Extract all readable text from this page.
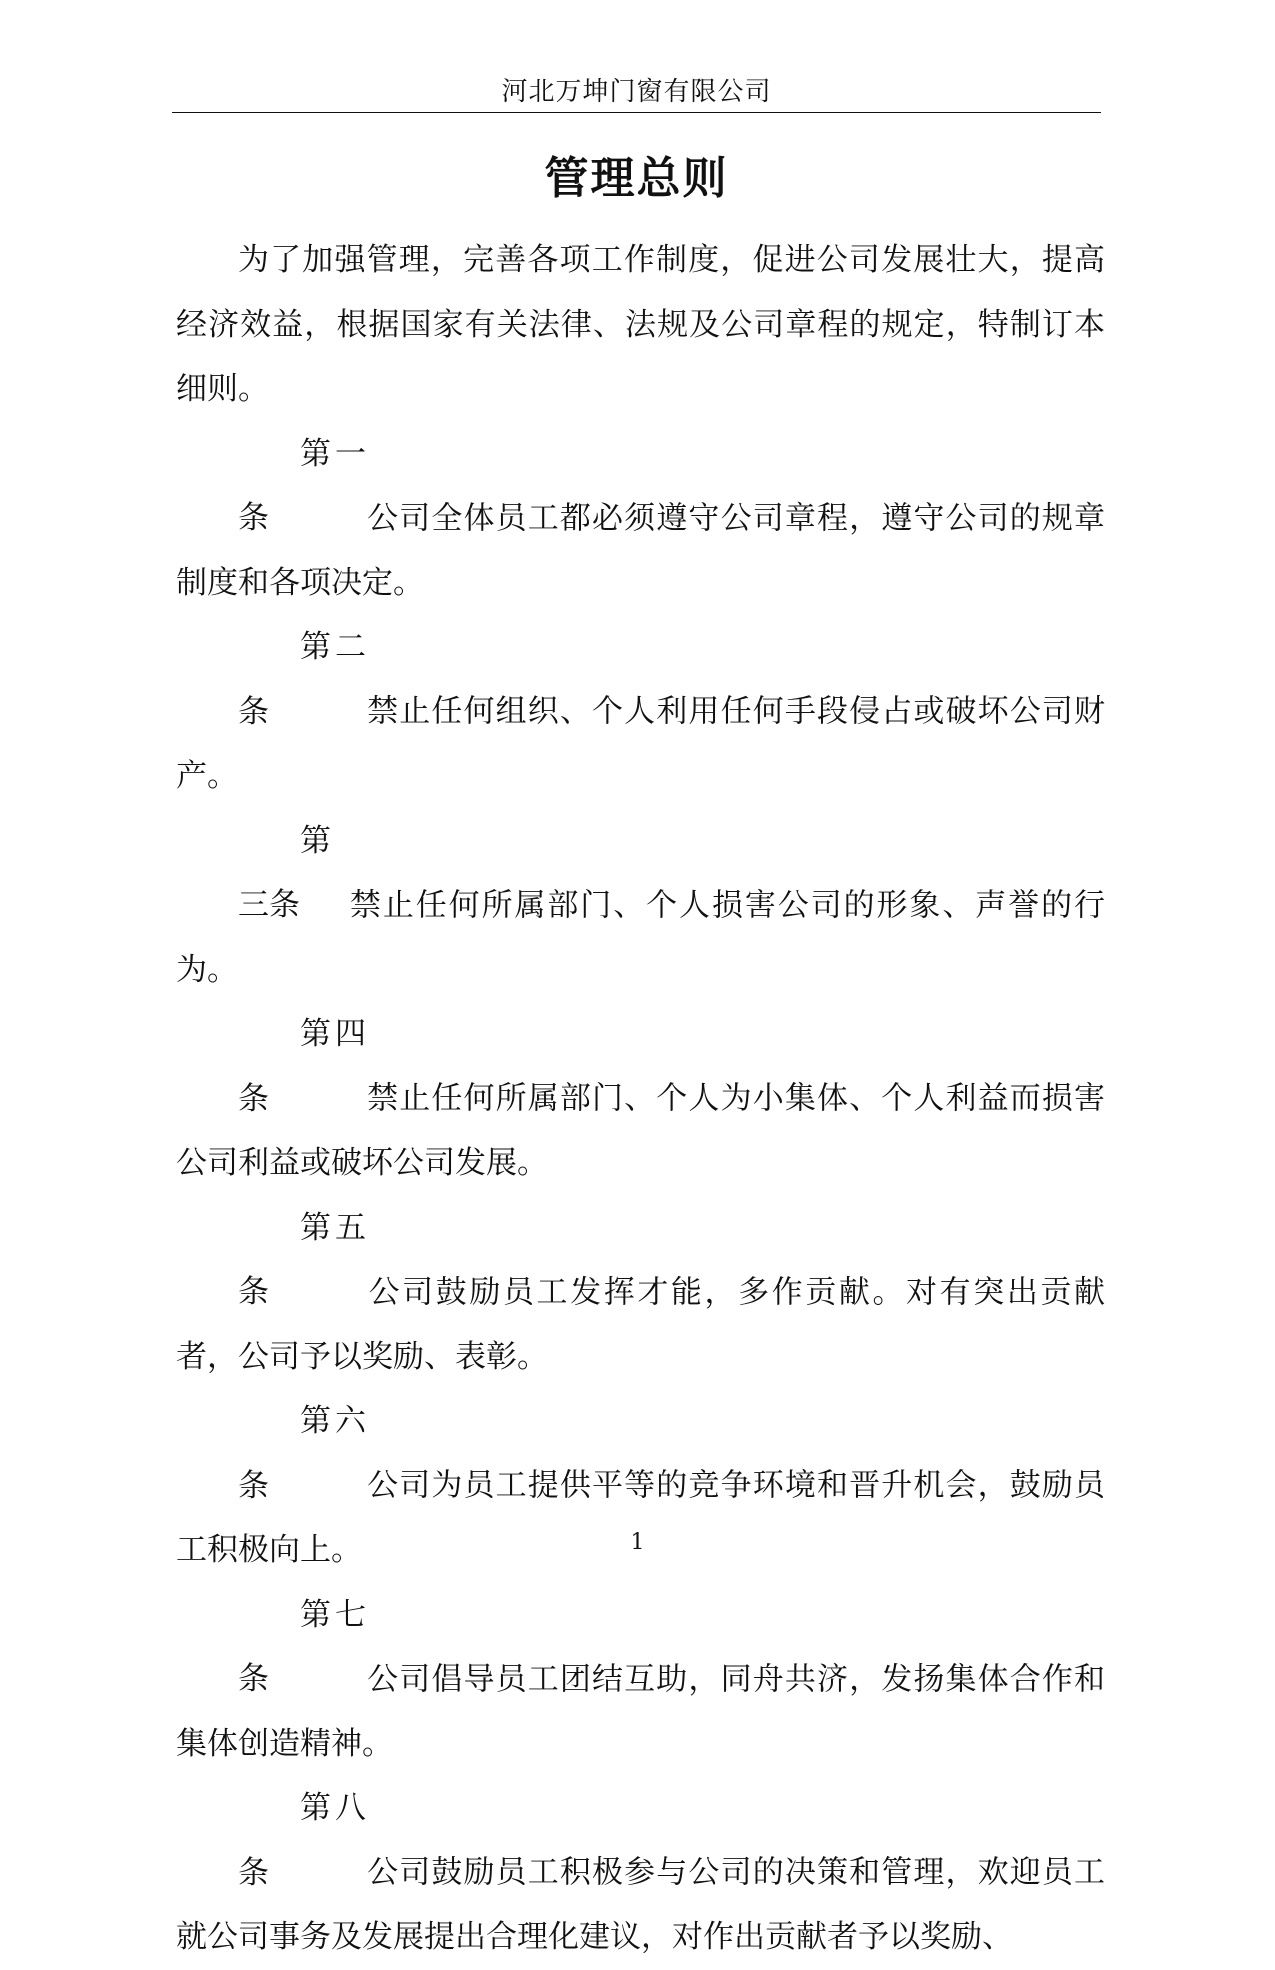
河北万坤门窗有限公司
管理总则

为了加强管理，完善各项工作制度，促进公司发展壮大，提高经济效益，根据国家有关法律、法规及公司章程的规定，特制订本细则。

第一条	公司全体员工都必须遵守公司章程，遵守公司的规章制度和各项决定。

第二条	禁止任何组织、个人利用任何手段侵占或破坏公司财产。

第三条 禁止任何所属部门、个人损害公司的形象、声誉的行为。

第四条	禁止任何所属部门、个人为小集体、个人利益而损害公司利益或破坏公司发展。

第五条	公司鼓励员工发挥才能，多作贡献。对有突出贡献者，公司予以奖励、表彰。

第六条	公司为员工提供平等的竞争环境和晋升机会，鼓励员工积极向上。

第七条	公司倡导员工团结互助，同舟共济，发扬集体合作和集体创造精神。

第八条	公司鼓励员工积极参与公司的决策和管理，欢迎员工就公司事务及发展提出合理化建议，对作出贡献者予以奖励、

1
